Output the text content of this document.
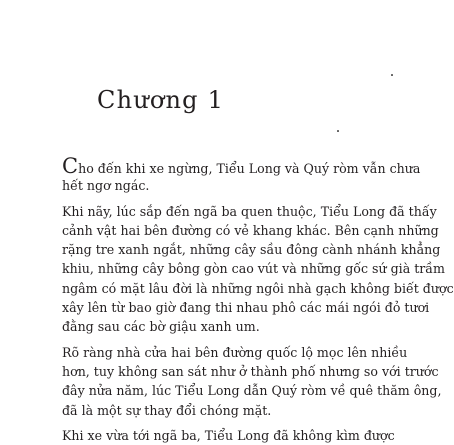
Chương 1
Cho đến khi xe ngừng, Tiểu Long và Quý ròm vẫn chưa
hết ngơ ngác.
Khi nãy, lúc sắp đến ngã ba quen thuộc, Tiểu Long đã thấy
cảnh vật hai bên đường có vẻ khang khác. Bên cạnh những
rặng tre xanh ngắt, những cây sầu đông cành nhánh khẳng
khiu, những cây bông gòn cao vút và những gốc sứ già trầm
ngâm có mặt lâu đời là những ngôi nhà gạch không biết được
xây lên từ bao giờ đang thi nhau phô các mái ngói đỏ tươi
đằng sau các bờ giậu xanh um.
Rõ ràng nhà cửa hai bên đường quốc lộ mọc lên nhiều
hơn, tuy không san sát như ở thành phố nhưng so với trước
đây nửa năm, lúc Tiểu Long dẫn Quý ròm về quê thăm ông,
đã là một sự thay đổi chóng mặt.
Khi xe vừa tới ngã ba, Tiểu Long đã không kìm được
